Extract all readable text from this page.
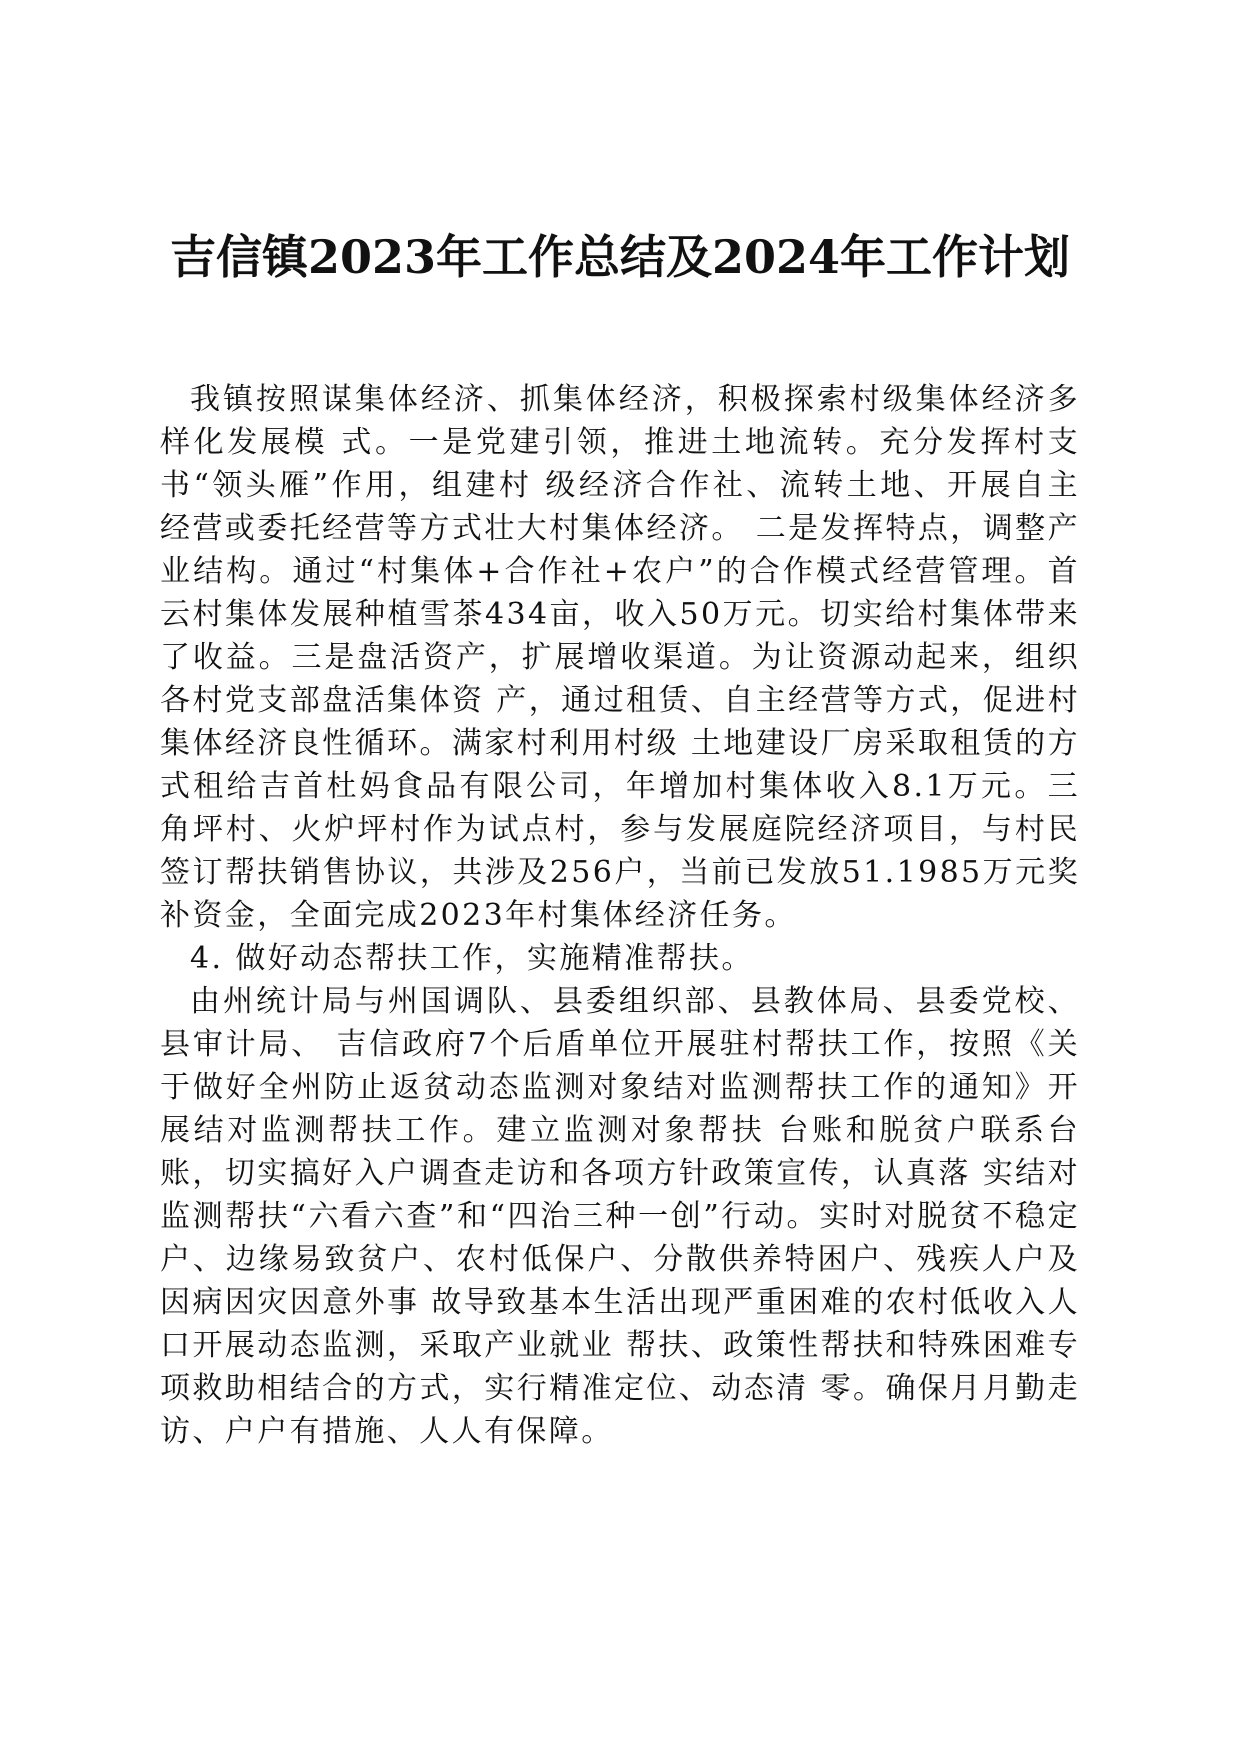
吉信镇2023年工作总结及2024年工作计划

我镇按照谋集体经济、抓集体经济，积极探索村级集体经济多样化发展模 式。一是党建引领，推进土地流转。充分发挥村支书“领头雁”作用，组建村 级经济合作社、流转土地、开展自主经营或委托经营等方式壮大村集体经济。 二是发挥特点，调整产业结构。通过“村集体+合作社+农户”的合作模式经营管理。首云村集体发展种植雪茶434亩，收入50万元。切实给村集体带来了收益。三是盘活资产，扩展增收渠道。为让资源动起来，组织各村党支部盘活集体资 产，通过租赁、自主经营等方式，促进村集体经济良性循环。满家村利用村级 土地建设厂房采取租赁的方式租给吉首杜妈食品有限公司，年增加村集体收入8.1万元。三角坪村、火炉坪村作为试点村，参与发展庭院经济项目，与村民签订帮扶销售协议，共涉及256户，当前已发放51.1985万元奖补资金，全面完成2023年村集体经济任务。

4. 做好动态帮扶工作，实施精准帮扶。

由州统计局与州国调队、县委组织部、县教体局、县委党校、县审计局、 吉信政府7个后盾单位开展驻村帮扶工作，按照《关于做好全州防止返贫动态监测对象结对监测帮扶工作的通知》开展结对监测帮扶工作。建立监测对象帮扶 台账和脱贫户联系台账，切实搞好入户调查走访和各项方针政策宣传，认真落 实结对监测帮扶“六看六查”和“四治三种一创”行动。实时对脱贫不稳定户、边缘易致贫户、农村低保户、分散供养特困户、残疾人户及因病因灾因意外事 故导致基本生活出现严重困难的农村低收入人口开展动态监测，采取产业就业 帮扶、政策性帮扶和特殊困难专项救助相结合的方式，实行精准定位、动态清 零。确保月月勤走访、户户有措施、人人有保障。
